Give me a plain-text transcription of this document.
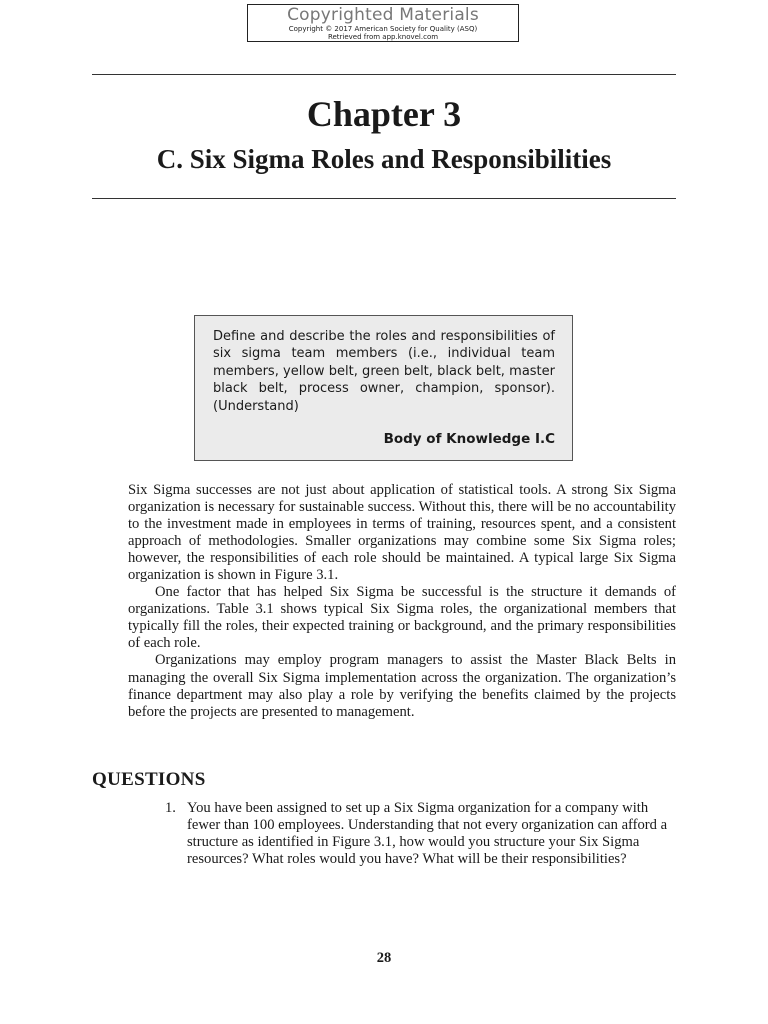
Copyrighted Materials
Copyright © 2017 American Society for Quality (ASQ)
Retrieved from app.knovel.com
Chapter 3
C. Six Sigma Roles and Responsibilities

Define and describe the roles and responsibilities of six sigma team members (i.e., individual team members, yellow belt, green belt, black belt, master black belt, process owner, champion, sponsor). (Understand)

Body of Knowledge I.C

Six Sigma successes are not just about application of statistical tools. A strong Six Sigma organization is necessary for sustainable success. Without this, there will be no accountability to the investment made in employees in terms of training, resources spent, and a consistent approach of methodologies. Smaller organizations may combine some Six Sigma roles; however, the responsibilities of each role should be maintained. A typical large Six Sigma organization is shown in Figure 3.1.

One factor that has helped Six Sigma be successful is the structure it demands of organizations. Table 3.1 shows typical Six Sigma roles, the organizational members that typically fill the roles, their expected training or background, and the primary responsibilities of each role.

Organizations may employ program managers to assist the Master Black Belts in managing the overall Six Sigma implementation across the organization. The organization’s finance department may also play a role by verifying the benefits claimed by the projects before the projects are presented to management.

QUESTIONS
1. You have been assigned to set up a Six Sigma organization for a company with fewer than 100 employees. Understanding that not every organization can afford a structure as identified in Figure 3.1, how would you structure your Six Sigma resources? What roles would you have? What will be their responsibilities?
28
